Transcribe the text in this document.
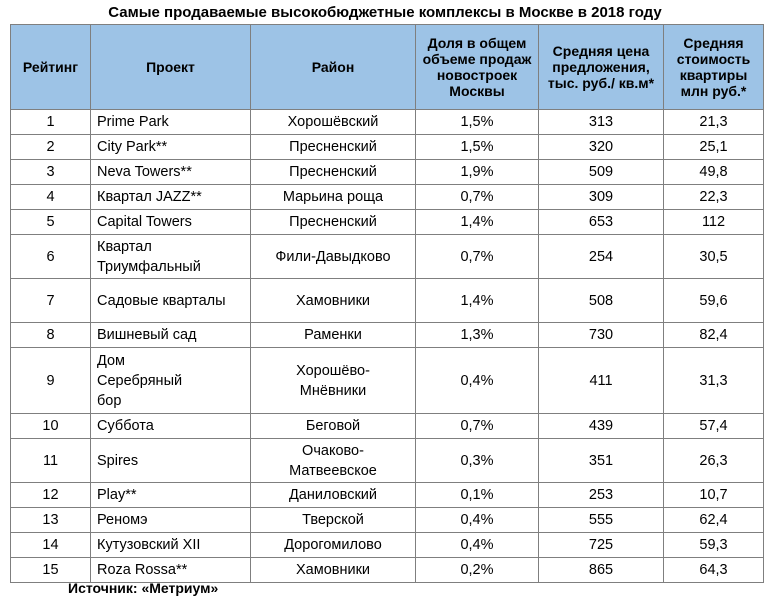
Самые продаваемые высокобюджетные комплексы в Москве в 2018 году
Рейтинг	Проект	Район	Доля в общем объеме продаж новостроек Москвы	Средняя цена предложения, тыс. руб./ кв.м*	Средняя стоимость квартиры млн руб.*
1	Prime Park	Хорошёвский	1,5%	313	21,3
2	City Park**	Пресненский	1,5%	320	25,1
3	Neva Towers**	Пресненский	1,9%	509	49,8
4	Квартал JAZZ**	Марьина роща	0,7%	309	22,3
5	Capital Towers	Пресненский	1,4%	653	112
6	Квартал Триумфальный	Фили-Давыдково	0,7%	254	30,5
7	Садовые кварталы	Хамовники	1,4%	508	59,6
8	Вишневый сад	Раменки	1,3%	730	82,4
9	Дом Серебряный бор	Хорошёво-Мнёвники	0,4%	411	31,3
10	Суббота	Беговой	0,7%	439	57,4
11	Spires	Очаково-Матвеевское	0,3%	351	26,3
12	Play**	Даниловский	0,1%	253	10,7
13	Реномэ	Тверской	0,4%	555	62,4
14	Кутузовский XII	Дорогомилово	0,4%	725	59,3
15	Roza Rossa**	Хамовники	0,2%	865	64,3
Источник: «Метриум»
